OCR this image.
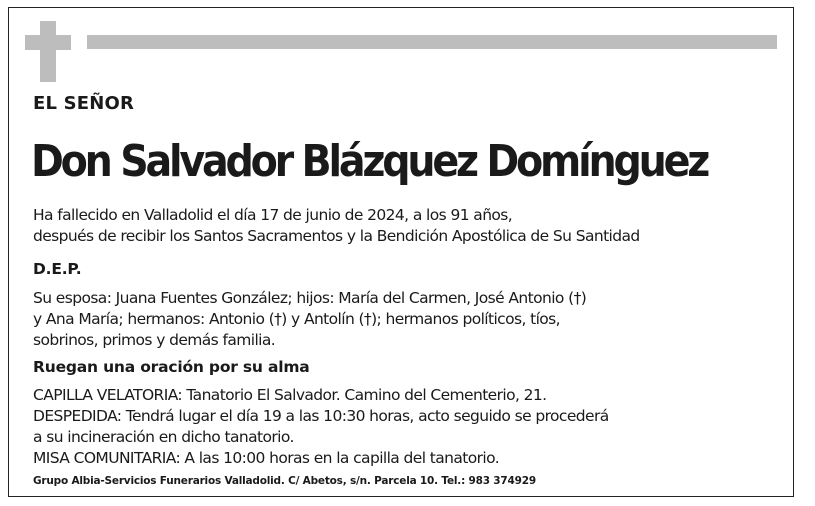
EL SEÑOR
Don Salvador Blázquez Domínguez
Ha fallecido en Valladolid el día 17 de junio de 2024, a los 91 años,
después de recibir los Santos Sacramentos y la Bendición Apostólica de Su Santidad
D.E.P.
Su esposa: Juana Fuentes González; hijos: María del Carmen, José Antonio (†)
y Ana María; hermanos: Antonio (†) y Antolín (†); hermanos políticos, tíos,
sobrinos, primos y demás familia.
Ruegan una oración por su alma
CAPILLA VELATORIA: Tanatorio El Salvador. Camino del Cementerio, 21.
DESPEDIDA: Tendrá lugar el día 19 a las 10:30 horas, acto seguido se procederá
a su incineración en dicho tanatorio.
MISA COMUNITARIA: A las 10:00 horas en la capilla del tanatorio.
Grupo Albia-Servicios Funerarios Valladolid. C/ Abetos, s/n. Parcela 10. Tel.: 983 374929
